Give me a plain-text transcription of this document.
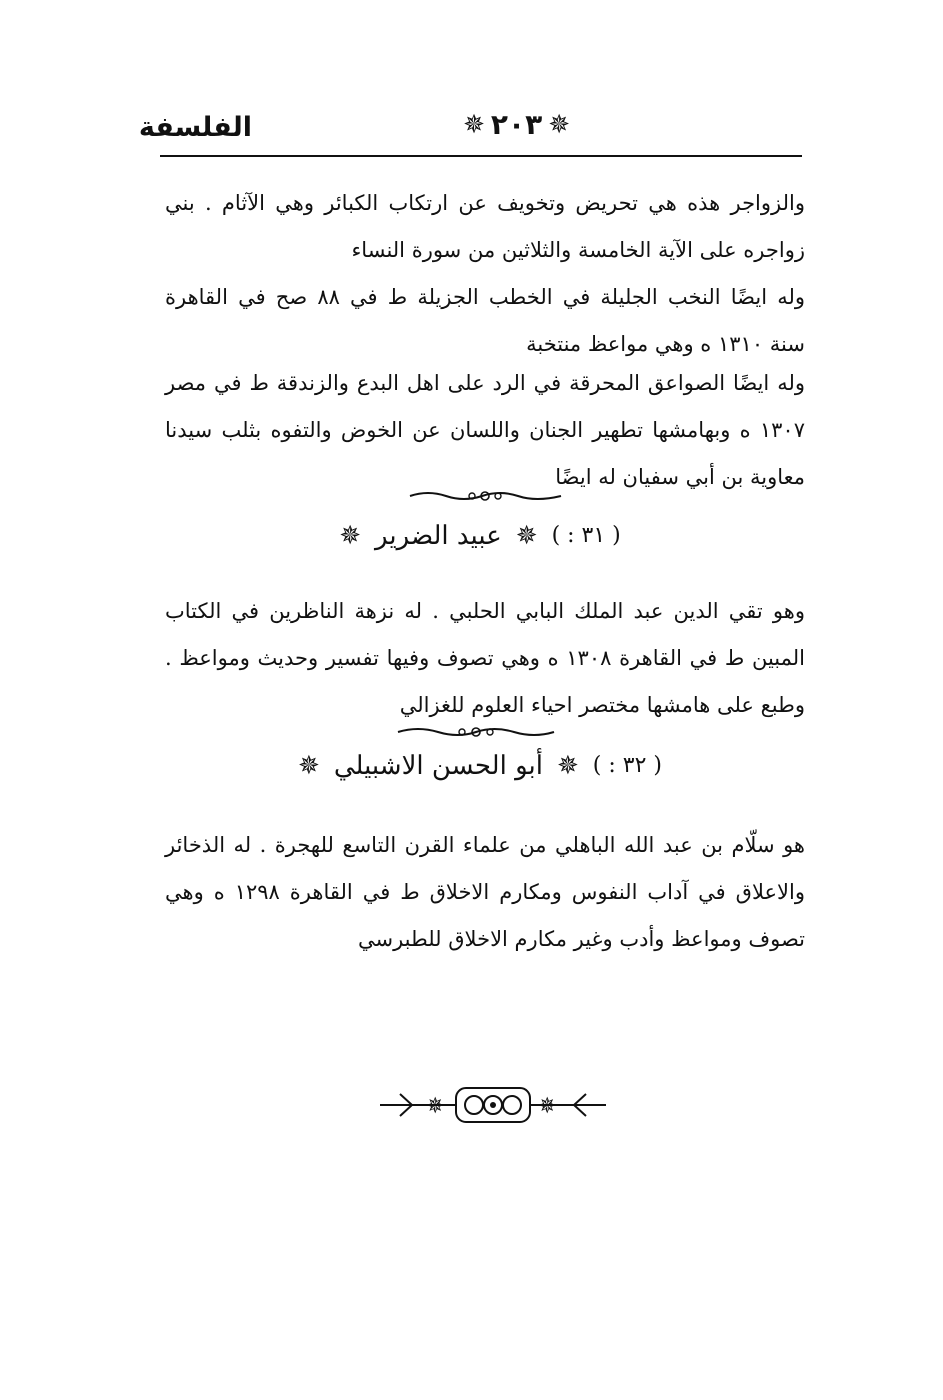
الفلسفة	✵ ٢٠٣ ✵

والزواجر هذه هي تحريض وتخويف عن ارتكاب الكبائر وهي الآثام . بني زواجره على الآية الخامسة والثلاثين من سورة النساء

وله ايضًا النخب الجليلة في الخطب الجزيلة ط في ٨٨ صح في القاهرة سنة ١٣١٠ ه وهي مواعظ منتخبة

وله ايضًا الصواعق المحرقة في الرد على اهل البدع والزندقة ط في مصر ١٣٠٧ ه وبهامشها تطهير الجنان واللسان عن الخوض والتفوه بثلب سيدنا معاوية بن أبي سفيان له ايضًا

( ٣١ : )
✵
عبيد الضرير
✵

وهو تقي الدين عبد الملك البابي الحلبي . له نزهة الناظرين في الكتاب المبين ط في القاهرة ١٣٠٨ ه وهي تصوف وفيها تفسير وحديث ومواعظ . وطبع على هامشها مختصر احياء العلوم للغزالي

( ٣٢ : )
✵
أبو الحسن الاشبيلي
✵

هو سلّام بن عبد الله الباهلي من علماء القرن التاسع للهجرة . له الذخائر والاعلاق في آداب النفوس ومكارم الاخلاق ط في القاهرة ١٢٩٨ ه وهي تصوف ومواعظ وأدب وغير مكارم الاخلاق للطبرسي

✵	✵
